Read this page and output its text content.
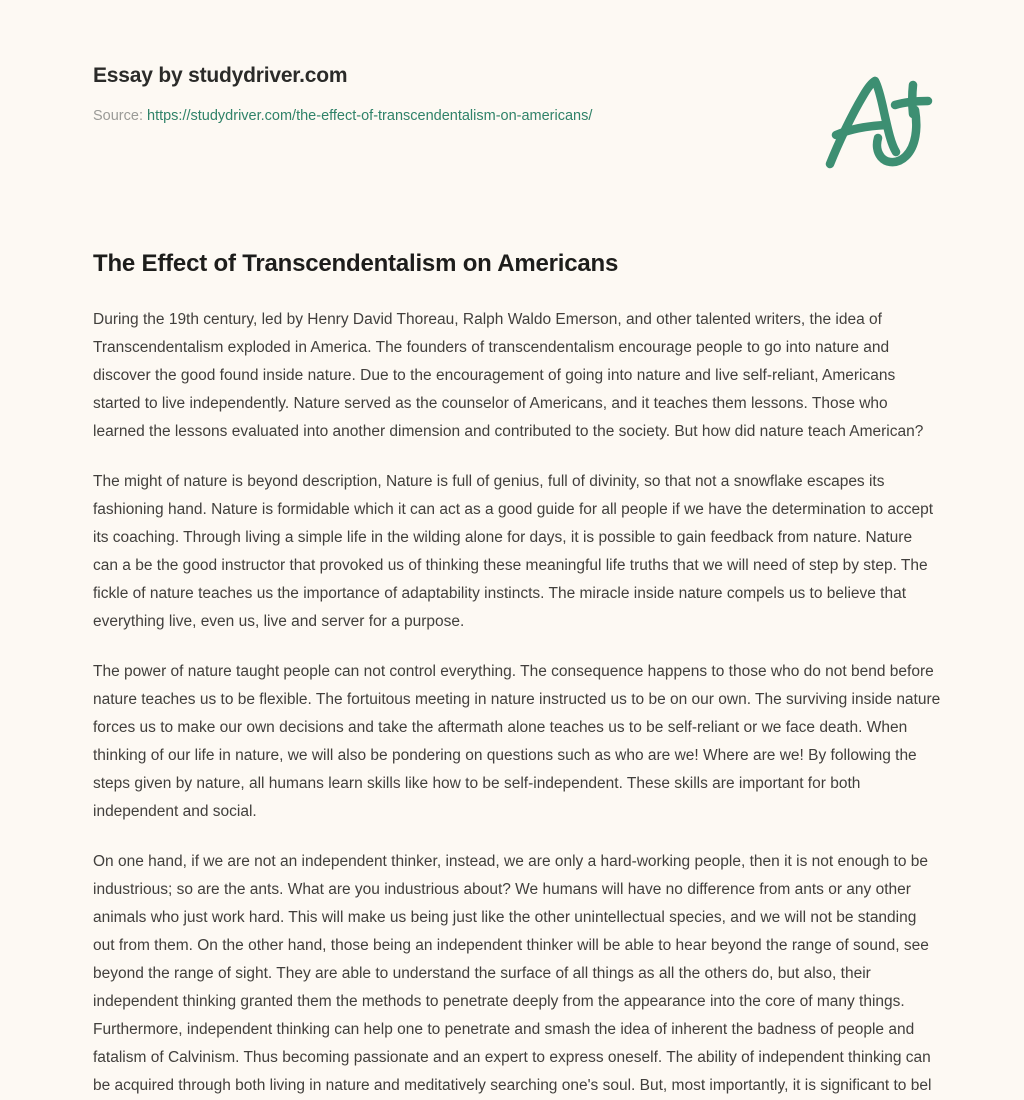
Essay by studydriver.com
Source: https://studydriver.com/the-effect-of-transcendentalism-on-americans/
The Effect of Transcendentalism on Americans

During the 19th century, led by Henry David Thoreau, Ralph Waldo Emerson, and other talented writers, the idea of Transcendentalism exploded in America. The founders of transcendentalism encourage people to go into nature and discover the good found inside nature. Due to the encouragement of going into nature and live self-reliant, Americans started to live independently. Nature served as the counselor of Americans, and it teaches them lessons. Those who learned the lessons evaluated into another dimension and contributed to the society. But how did nature teach American?

The might of nature is beyond description, Nature is full of genius, full of divinity, so that not a snowflake escapes its fashioning hand. Nature is formidable which it can act as a good guide for all people if we have the determination to accept its coaching. Through living a simple life in the wilding alone for days, it is possible to gain feedback from nature. Nature can a be the good instructor that provoked us of thinking these meaningful life truths that we will need of step by step. The fickle of nature teaches us the importance of adaptability instincts. The miracle inside nature compels us to believe that everything live, even us, live and server for a purpose.

The power of nature taught people can not control everything. The consequence happens to those who do not bend before nature teaches us to be flexible. The fortuitous meeting in nature instructed us to be on our own. The surviving inside nature forces us to make our own decisions and take the aftermath alone teaches us to be self-reliant or we face death. When thinking of our life in nature, we will also be pondering on questions such as who are we! Where are we! By following the steps given by nature, all humans learn skills like how to be self-independent. These skills are important for both independent and social.

On one hand, if we are not an independent thinker, instead, we are only a hard-working people, then it is not enough to be industrious; so are the ants. What are you industrious about? We humans will have no difference from ants or any other animals who just work hard. This will make us being just like the other unintellectual species, and we will not be standing out from them. On the other hand, those being an independent thinker will be able to hear beyond the range of sound, see beyond the range of sight. They are able to understand the surface of all things as all the others do, but also, their independent thinking granted them the methods to penetrate deeply from the appearance into the core of many things. Furthermore, independent thinking can help one to penetrate and smash the idea of inherent the badness of people and fatalism of Calvinism. Thus becoming passionate and an expert to express oneself. The ability of independent thinking can be acquired through both living in nature and meditatively searching one's soul. But, most importantly, it is significant to bel
